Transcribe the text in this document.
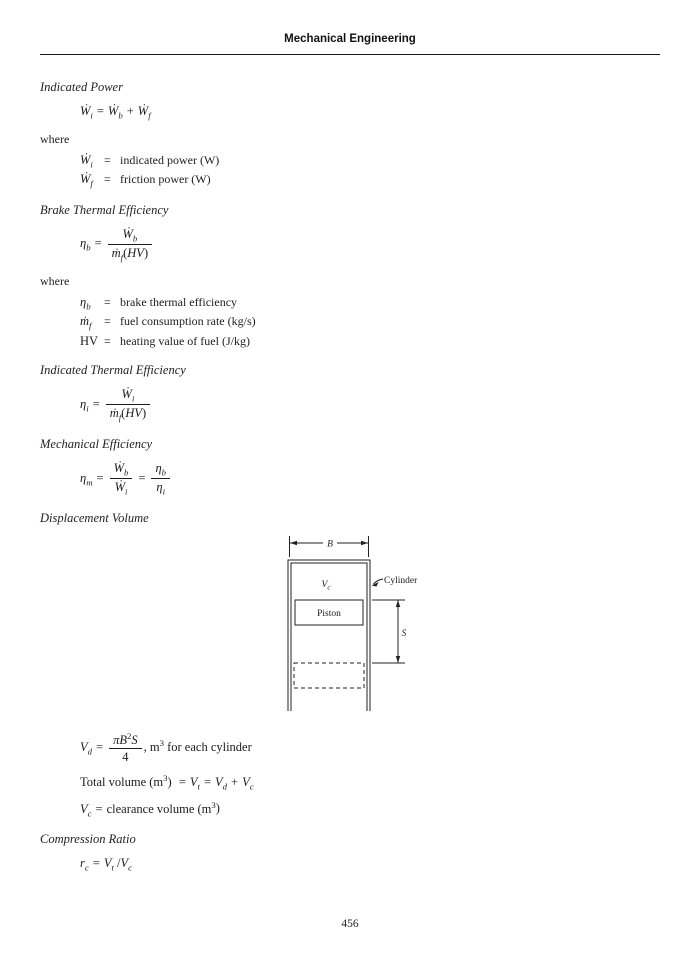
Mechanical Engineering
Indicated Power
Ẇ$_i$ = Ẇ$_b$ + Ẇ$_f$
where
Ẇ$_i$ = indicated power (W)
Ẇ$_f$ = friction power (W)
Brake Thermal Efficiency
$\eta_b = \frac{Ẇ_b}{ṁ_f(HV)}$
where
$\eta_b$	= brake thermal efficiency
ṁ$_f$	= fuel consumption rate (kg/s)
HV = heating value of fuel (J/kg)
Indicated Thermal Efficiency
$\eta_i = \frac{Ẇ_i}{ṁ_f(HV)}$
Mechanical Efficiency
$\eta_m = \frac{Ẇ_b}{Ẇ_i} = \frac{\eta_b}{\eta_i}$
Displacement Volume
B
$V_c$
Piston
Cylinder
S
$V_d = \frac{\pi B^2S}{4}$ , $m^3$ for each cylinder
Total volume $(m^3) = V_t = V_d + V_c$
$V_c$ = clearance volume $(m^3)$
Compression Ratio
$r_c = V_t$ $/V_c$
456
